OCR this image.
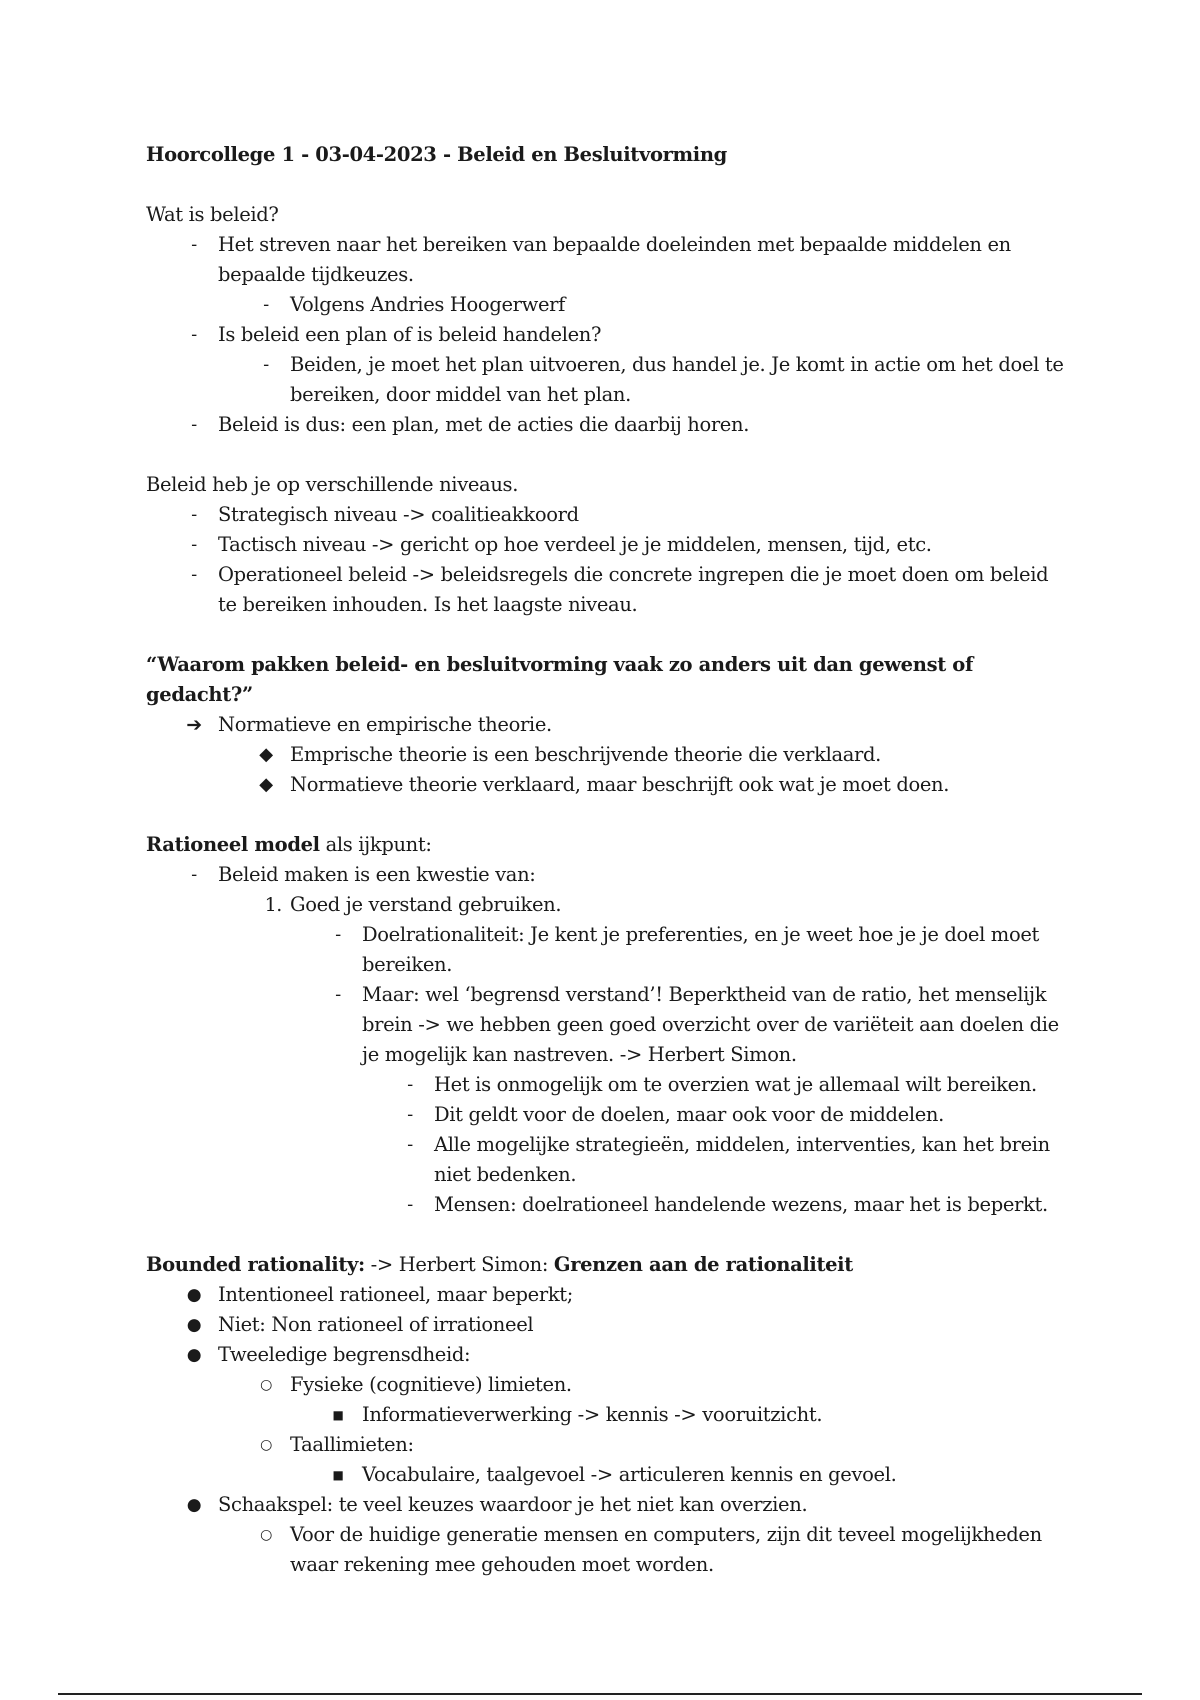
Hoorcollege 1 - 03-04-2023 - Beleid en Besluitvorming

Wat is beleid?

-	Het streven naar het bereiken van bepaalde doeleinden met bepaalde middelen en bepaalde tijdkeuzes.
-	Volgens Andries Hoogerwerf
-	Is beleid een plan of is beleid handelen?
-	Beiden, je moet het plan uitvoeren, dus handel je. Je komt in actie om het doel te bereiken, door middel van het plan.
-	Beleid is dus: een plan, met de acties die daarbij horen.

Beleid heb je op verschillende niveaus.

-	Strategisch niveau -> coalitieakkoord
-	Tactisch niveau -> gericht op hoe verdeel je je middelen, mensen, tijd, etc.
-	Operationeel beleid -> beleidsregels die concrete ingrepen die je moet doen om beleid te bereiken inhouden. Is het laagste niveau.

“Waarom pakken beleid- en besluitvorming vaak zo anders uit dan gewenst of gedacht?”

➔ Normatieve en empirische theorie.
◆ Emprische theorie is een beschrijvende theorie die verklaard.
◆ Normatieve theorie verklaard, maar beschrijft ook wat je moet doen.

Rationeel model als ijkpunt:

-	Beleid maken is een kwestie van:
1. Goed je verstand gebruiken.
-	Doelrationaliteit: Je kent je preferenties, en je weet hoe je je doel moet bereiken.
-	Maar: wel ‘begrensd verstand’! Beperktheid van de ratio, het menselijk brein -> we hebben geen goed overzicht over de variëteit aan doelen die je mogelijk kan nastreven. -> Herbert Simon.
-	Het is onmogelijk om te overzien wat je allemaal wilt bereiken.
-	Dit geldt voor de doelen, maar ook voor de middelen.
-	Alle mogelijke strategieën, middelen, interventies, kan het brein niet bedenken.
-	Mensen: doelrationeel handelende wezens, maar het is beperkt.

Bounded rationality: -> Herbert Simon: Grenzen aan de rationaliteit

● Intentioneel rationeel, maar beperkt;
● Niet: Non rationeel of irrationeel
● Tweeledige begrensdheid:
○ Fysieke (cognitieve) limieten.
■ Informatieverwerking -> kennis -> vooruitzicht.
○ Taallimieten:
■ Vocabulaire, taalgevoel -> articuleren kennis en gevoel.
● Schaakspel: te veel keuzes waardoor je het niet kan overzien.
○ Voor de huidige generatie mensen en computers, zijn dit teveel mogelijkheden waar rekening mee gehouden moet worden.
